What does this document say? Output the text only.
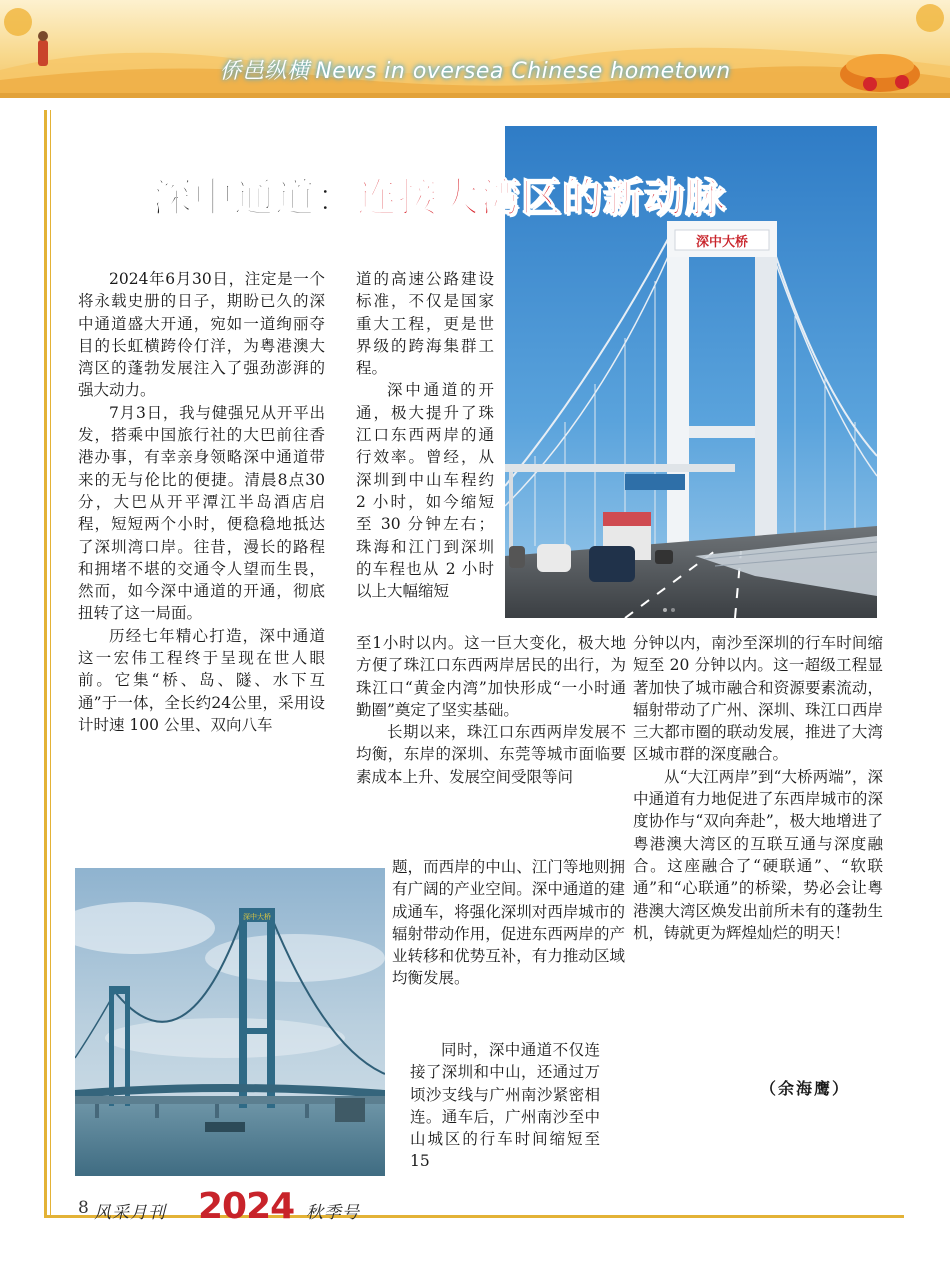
侨邑纵横 News in oversea Chinese hometown
深中大桥
深中通道：连接大湾区的新动脉

2024年6月30日，注定是一个将永载史册的日子，期盼已久的深中通道盛大开通，宛如一道绚丽夺目的长虹横跨伶仃洋，为粤港澳大湾区的蓬勃发展注入了强劲澎湃的强大动力。

7月3日，我与健强兄从开平出发，搭乘中国旅行社的大巴前往香港办事，有幸亲身领略深中通道带来的无与伦比的便捷。清晨8点30分，大巴从开平潭江半岛酒店启程，短短两个小时，便稳稳地抵达了深圳湾口岸。往昔，漫长的路程和拥堵不堪的交通令人望而生畏，然而，如今深中通道的开通，彻底扭转了这一局面。

历经七年精心打造，深中通道这一宏伟工程终于呈现在世人眼前。它集“桥、岛、隧、水下互通”于一体，全长约24公里，采用设计时速 100 公里、双向八车

道的高速公路建设标准，不仅是国家重大工程，更是世界级的跨海集群工程。

深中通道的开通，极大提升了珠江口东西两岸的通行效率。曾经，从深圳到中山车程约 2 小时，如今缩短至 30 分钟左右；珠海和江门到深圳的车程也从 2 小时以上大幅缩短

至1小时以内。这一巨大变化，极大地方便了珠江口东西两岸居民的出行，为珠江口“黄金内湾”加快形成“一小时通勤圈”奠定了坚实基础。

长期以来，珠江口东西两岸发展不均衡，东岸的深圳、东莞等城市面临要素成本上升、发展空间受限等问

题，而西岸的中山、江门等地则拥有广阔的产业空间。深中通道的建成通车，将强化深圳对西岸城市的辐射带动作用，促进东西两岸的产业转移和优势互补，有力推动区域均衡发展。

同时，深中通道不仅连接了深圳和中山，还通过万顷沙支线与广州南沙紧密相连。通车后，广州南沙至中山城区的行车时间缩短至 15

分钟以内，南沙至深圳的行车时间缩短至 20 分钟以内。这一超级工程显著加快了城市融合和资源要素流动，辐射带动了广州、深圳、珠江口西岸三大都市圈的联动发展，推进了大湾区城市群的深度融合。

从“大江两岸”到“大桥两端”，深中通道有力地促进了东西岸城市的深度协作与“双向奔赴”，极大地增进了粤港澳大湾区的互联互通与深度融合。这座融合了“硬联通”、“软联通”和“心联通”的桥梁，势必会让粤港澳大湾区焕发出前所未有的蓬勃生机，铸就更为辉煌灿烂的明天！

（余海鹰）
深中大桥
8 风采月刊 2024 秋季号
